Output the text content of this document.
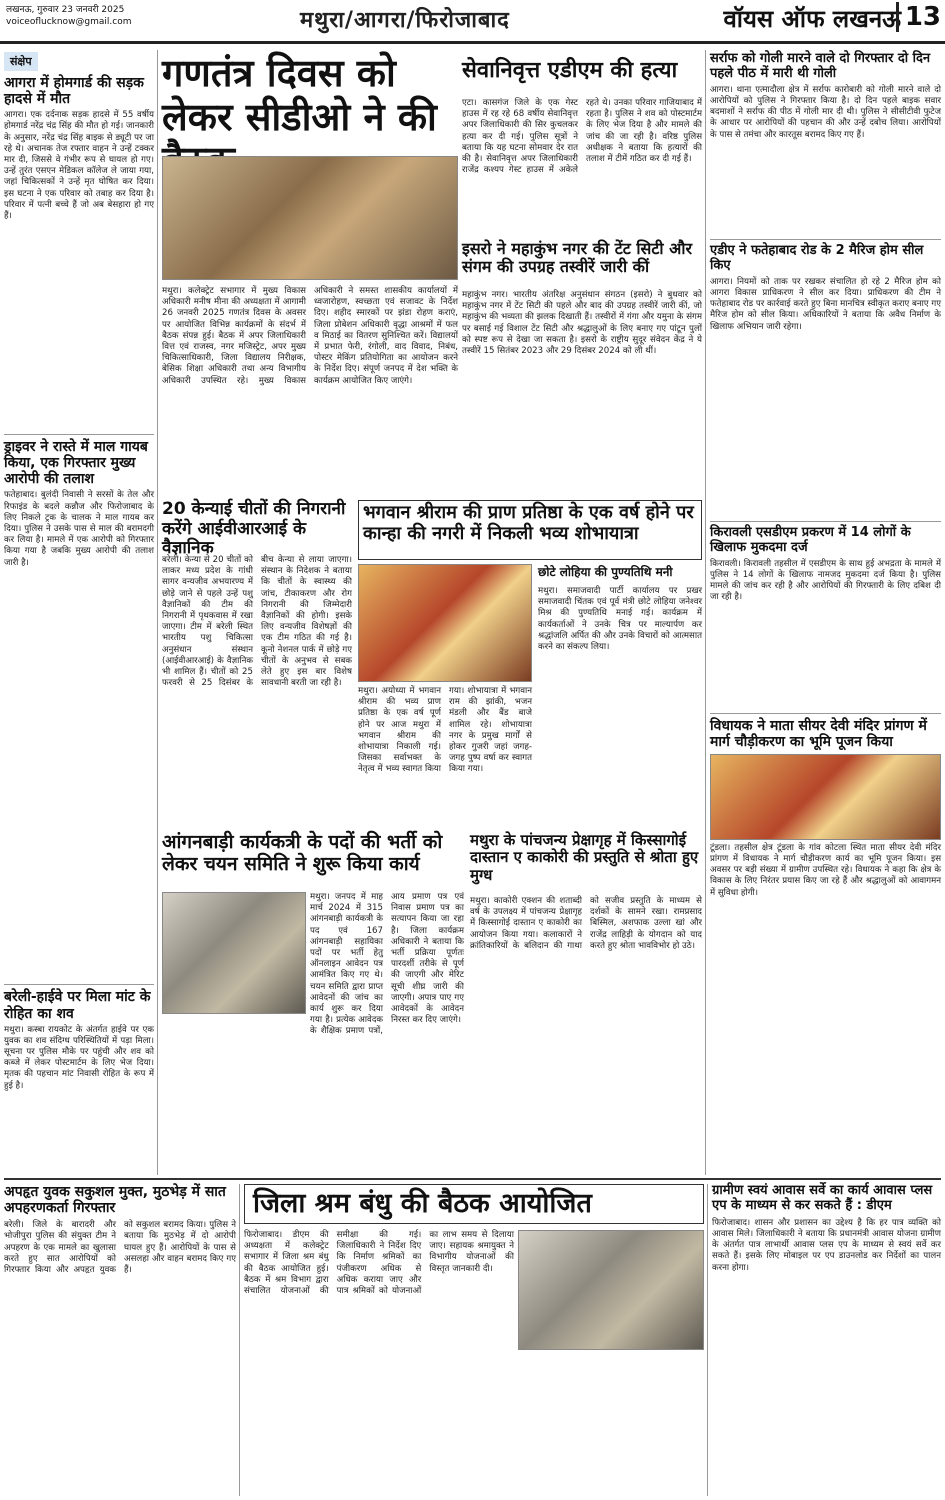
लखनऊ, गुरुवार 23 जनवरी 2025
voiceoflucknow@gmail.com	मथुरा/आगरा/फिरोजाबाद	वॉयस ऑफ लखनऊ 13
संक्षेप
आगरा में होमगार्ड की सड़क हादसे में मौत
आगरा। एक दर्दनाक सड़क हादसे में 55 वर्षीय होमगार्ड नरेंद्र चंद्र सिंह की मौत हो गई। जानकारी के अनुसार, नरेंद्र चंद्र सिंह बाइक से ड्यूटी पर जा रहे थे। अचानक तेज रफ्तार वाहन ने उन्हें टक्कर मार दी, जिससे वे गंभीर रूप से घायल हो गए। उन्हें तुरंत एसएन मेडिकल कॉलेज ले जाया गया, जहां चिकित्सकों ने उन्हें मृत घोषित कर दिया। इस घटना ने एक परिवार को तबाह कर दिया है। परिवार में पत्नी बच्चे हैं जो अब बेसहारा हो गए हैं।
ड्राइवर ने रास्ते में माल गायब किया, एक गिरफ्तार मुख्य आरोपी की तलाश
फतेहाबाद। बुलंदी निवासी ने सरसों के तेल और रिफाइंड के बदले कन्नौज और फिरोजाबाद के लिए निकले ट्रक के चालक ने माल गायब कर दिया। पुलिस ने उसके पास से माल की बरामदगी कर लिया है। मामले में एक आरोपी को गिरफ्तार किया गया है जबकि मुख्य आरोपी की तलाश जारी है।
बरेली-हाईवे पर मिला मांट के रोहित का शव
मथुरा। कस्बा रायकोट के अंतर्गत हाईवे पर एक युवक का शव संदिग्ध परिस्थितियों में पड़ा मिला। सूचना पर पुलिस मौके पर पहुंची और शव को कब्जे में लेकर पोस्टमार्टम के लिए भेज दिया। मृतक की पहचान मांट निवासी रोहित के रूप में हुई है।
गणतंत्र दिवस को लेकर सीडीओ ने की
मथुरा। कलेक्ट्रेट सभागार में मुख्य विकास अधिकारी मनीष मीना की अध्यक्षता में आगामी 26 जनवरी 2025 गणतंत्र दिवस के अवसर पर आयोजित विभिन्न कार्यक्रमों के संदर्भ में बैठक संपन्न हुई। बैठक में अपर जिलाधिकारी वित्त एवं राजस्व, नगर मजिस्ट्रेट, अपर मुख्य चिकित्साधिकारी, जिला विद्यालय निरीक्षक, बेसिक शिक्षा अधिकारी तथा अन्य विभागीय अधिकारी उपस्थित रहे। मुख्य विकास अधिकारी ने समस्त शासकीय कार्यालयों में ध्वजारोहण, स्वच्छता एवं सजावट के निर्देश दिए। शहीद स्मारकों पर झंडा रोहण कराएं, जिला प्रोबेशन अधिकारी वृद्धा आश्रमों में फल व मिठाई का वितरण सुनिश्चित करें। विद्यालयों में प्रभात फेरी, रंगोली, वाद विवाद, निबंध, पोस्टर मेकिंग प्रतियोगिता का आयोजन करने के निर्देश दिए। संपूर्ण जनपद में देश भक्ति के कार्यक्रम आयोजित किए जाएंगे।
सेवानिवृत्त एडीएम की हत्या
एटा। कासगंज जिले के एक गेस्ट हाउस में रह रहे 68 वर्षीय सेवानिवृत्त अपर जिलाधिकारी की सिर कुचलकर हत्या कर दी गई। पुलिस सूत्रों ने बताया कि यह घटना सोमवार देर रात की है। सेवानिवृत्त अपर जिलाधिकारी राजेंद्र कश्यप गेस्ट हाउस में अकेले रहते थे। उनका परिवार गाजियाबाद में रहता है। पुलिस ने शव को पोस्टमार्टम के लिए भेज दिया है और मामले की जांच की जा रही है। वरिष्ठ पुलिस अधीक्षक ने बताया कि हत्यारों की तलाश में टीमें गठित कर दी गई हैं।
इसरो ने महाकुंभ नगर की टेंट सिटी और संगम की उपग्रह तस्वीरें जारी कीं
महाकुंभ नगर। भारतीय अंतरिक्ष अनुसंधान संगठन (इसरो) ने बुधवार को महाकुंभ नगर में टेंट सिटी की पहले और बाद की उपग्रह तस्वीरें जारी कीं, जो महाकुंभ की भव्यता की झलक दिखाती हैं। तस्वीरों में गंगा और यमुना के संगम पर बसाई गई विशाल टेंट सिटी और श्रद्धालुओं के लिए बनाए गए पांटून पुलों को स्पष्ट रूप से देखा जा सकता है। इसरो के राष्ट्रीय सुदूर संवेदन केंद्र ने ये तस्वीरें 15 सितंबर 2023 और 29 दिसंबर 2024 को ली थीं।
20 केन्याई चीतों की निगरानी करेंगे आईवीआरआई के वैज्ञानिक
बरेली। केन्या से 20 चीतों को लाकर मध्य प्रदेश के गांधी सागर वन्यजीव अभयारण्य में छोड़े जाने से पहले उन्हें पशु वैज्ञानिकों की टीम की निगरानी में पृथकवास में रखा जाएगा। टीम में बरेली स्थित भारतीय पशु चिकित्सा अनुसंधान संस्थान (आईवीआरआई) के वैज्ञानिक भी शामिल हैं। चीतों को 25 फरवरी से 25 दिसंबर के बीच केन्या से लाया जाएगा। संस्थान के निदेशक ने बताया कि चीतों के स्वास्थ्य की जांच, टीकाकरण और रोग निगरानी की जिम्मेदारी वैज्ञानिकों की होगी। इसके लिए वन्यजीव विशेषज्ञों की एक टीम गठित की गई है। कूनो नेशनल पार्क में छोड़े गए चीतों के अनुभव से सबक लेते हुए इस बार विशेष सावधानी बरती जा रही है।
भगवान श्रीराम की प्राण प्रतिष्ठा के एक वर्ष होने पर कान्हा की नगरी में निकली भव्य शोभायात्रा
मथुरा। अयोध्या में भगवान श्रीराम की भव्य प्राण प्रतिष्ठा के एक वर्ष पूर्ण होने पर आज मथुरा में भगवान श्रीराम की शोभायात्रा निकाली गई। जिसका सर्वाभक्त के नेतृत्व में भव्य स्वागत किया गया। शोभायात्रा में भगवान राम की झांकी, भजन मंडली और बैंड बाजे शामिल रहे। शोभायात्रा नगर के प्रमुख मार्गों से होकर गुजरी जहां जगह-जगह पुष्प वर्षा कर स्वागत किया गया।
छोटे लोहिया की पुण्यतिथि मनी
मथुरा। समाजवादी पार्टी कार्यालय पर प्रखर समाजवादी चिंतक एवं पूर्व मंत्री छोटे लोहिया जनेश्वर मिश्र की पुण्यतिथि मनाई गई। कार्यक्रम में कार्यकर्ताओं ने उनके चित्र पर माल्यार्पण कर श्रद्धांजलि अर्पित की और उनके विचारों को आत्मसात करने का संकल्प लिया।
आंगनबाड़ी कार्यकत्री के पदों की भर्ती को लेकर चयन समिति ने शुरू किया कार्य
मथुरा। जनपद में माह मार्च 2024 में 315 आंगनबाड़ी कार्यकत्री के पद एवं 167 आंगनबाड़ी सहायिका पदों पर भर्ती हेतु ऑनलाइन आवेदन पत्र आमंत्रित किए गए थे। चयन समिति द्वारा प्राप्त आवेदनों की जांच का कार्य शुरू कर दिया गया है। प्रत्येक आवेदक के शैक्षिक प्रमाण पत्रों, आय प्रमाण पत्र एवं निवास प्रमाण पत्र का सत्यापन किया जा रहा है। जिला कार्यक्रम अधिकारी ने बताया कि भर्ती प्रक्रिया पूर्णतः पारदर्शी तरीके से पूर्ण की जाएगी और मेरिट सूची शीघ्र जारी की जाएगी। अपात्र पाए गए आवेदकों के आवेदन निरस्त कर दिए जाएंगे।
मथुरा के पांचजन्य प्रेक्षागृह में किस्सागोई दास्तान ए काकोरी की प्रस्तुति से श्रोता हुए मुग्ध
मथुरा। काकोरी एक्शन की शताब्दी वर्ष के उपलक्ष्य में पांचजन्य प्रेक्षागृह में किस्सागोई दास्तान ए काकोरी का आयोजन किया गया। कलाकारों ने क्रांतिकारियों के बलिदान की गाथा को सजीव प्रस्तुति के माध्यम से दर्शकों के सामने रखा। रामप्रसाद बिस्मिल, अशफाक उल्ला खां और राजेंद्र लाहिड़ी के योगदान को याद करते हुए श्रोता भावविभोर हो उठे।
सर्राफ को गोली मारने वाले दो गिरफ्तार दो दिन पहले पीठ में मारी थी गोली
आगरा। थाना एत्मादौला क्षेत्र में सर्राफ कारोबारी को गोली मारने वाले दो आरोपियों को पुलिस ने गिरफ्तार किया है। दो दिन पहले बाइक सवार बदमाशों ने सर्राफ की पीठ में गोली मार दी थी। पुलिस ने सीसीटीवी फुटेज के आधार पर आरोपियों की पहचान की और उन्हें दबोच लिया। आरोपियों के पास से तमंचा और कारतूस बरामद किए गए हैं।
एडीए ने फतेहाबाद रोड के 2 मैरिज होम सील किए
आगरा। नियमों को ताक पर रखकर संचालित हो रहे 2 मैरिज होम को आगरा विकास प्राधिकरण ने सील कर दिया। प्राधिकरण की टीम ने फतेहाबाद रोड पर कार्रवाई करते हुए बिना मानचित्र स्वीकृत कराए बनाए गए मैरिज होम को सील किया। अधिकारियों ने बताया कि अवैध निर्माण के खिलाफ अभियान जारी रहेगा।
किरावली एसडीएम प्रकरण में 14 लोगों के खिलाफ मुकदमा दर्ज
किरावली। किरावली तहसील में एसडीएम के साथ हुई अभद्रता के मामले में पुलिस ने 14 लोगों के खिलाफ नामजद मुकदमा दर्ज किया है। पुलिस मामले की जांच कर रही है और आरोपियों की गिरफ्तारी के लिए दबिश दी जा रही है।
विधायक ने माता सीयर देवी मंदिर प्रांगण में मार्ग चौड़ीकरण का भूमि पूजन किया
टूंडला। तहसील क्षेत्र टूंडला के गांव कोटला स्थित माता सीयर देवी मंदिर प्रांगण में विधायक ने मार्ग चौड़ीकरण कार्य का भूमि पूजन किया। इस अवसर पर बड़ी संख्या में ग्रामीण उपस्थित रहे। विधायक ने कहा कि क्षेत्र के विकास के लिए निरंतर प्रयास किए जा रहे हैं और श्रद्धालुओं को आवागमन में सुविधा होगी।
अपहृत युवक सकुशल मुक्त, मुठभेड़ में सात अपहरणकर्ता गिरफ्तार
बरेली। जिले के बारादरी और भोजीपुरा पुलिस की संयुक्त टीम ने अपहरण के एक मामले का खुलासा करते हुए सात आरोपियों को गिरफ्तार किया और अपहृत युवक को सकुशल बरामद किया। पुलिस ने बताया कि मुठभेड़ में दो आरोपी घायल हुए हैं। आरोपियों के पास से असलहा और वाहन बरामद किए गए हैं।
जिला श्रम बंधु की बैठक आयोजित
फिरोजाबाद। डीएम की अध्यक्षता में कलेक्ट्रेट सभागार में जिला श्रम बंधु की बैठक आयोजित हुई। बैठक में श्रम विभाग द्वारा संचालित योजनाओं की समीक्षा की गई। जिलाधिकारी ने निर्देश दिए कि निर्माण श्रमिकों का पंजीकरण अधिक से अधिक कराया जाए और पात्र श्रमिकों को योजनाओं का लाभ समय से दिलाया जाए। सहायक श्रमायुक्त ने विभागीय योजनाओं की विस्तृत जानकारी दी।
ग्रामीण स्वयं आवास सर्वे का कार्य आवास प्लस एप के माध्यम से कर सकते हैं : डीएम
फिरोजाबाद। शासन और प्रशासन का उद्देश्य है कि हर पात्र व्यक्ति को आवास मिले। जिलाधिकारी ने बताया कि प्रधानमंत्री आवास योजना ग्रामीण के अंतर्गत पात्र लाभार्थी आवास प्लस एप के माध्यम से स्वयं सर्वे कर सकते हैं। इसके लिए मोबाइल पर एप डाउनलोड कर निर्देशों का पालन करना होगा।
